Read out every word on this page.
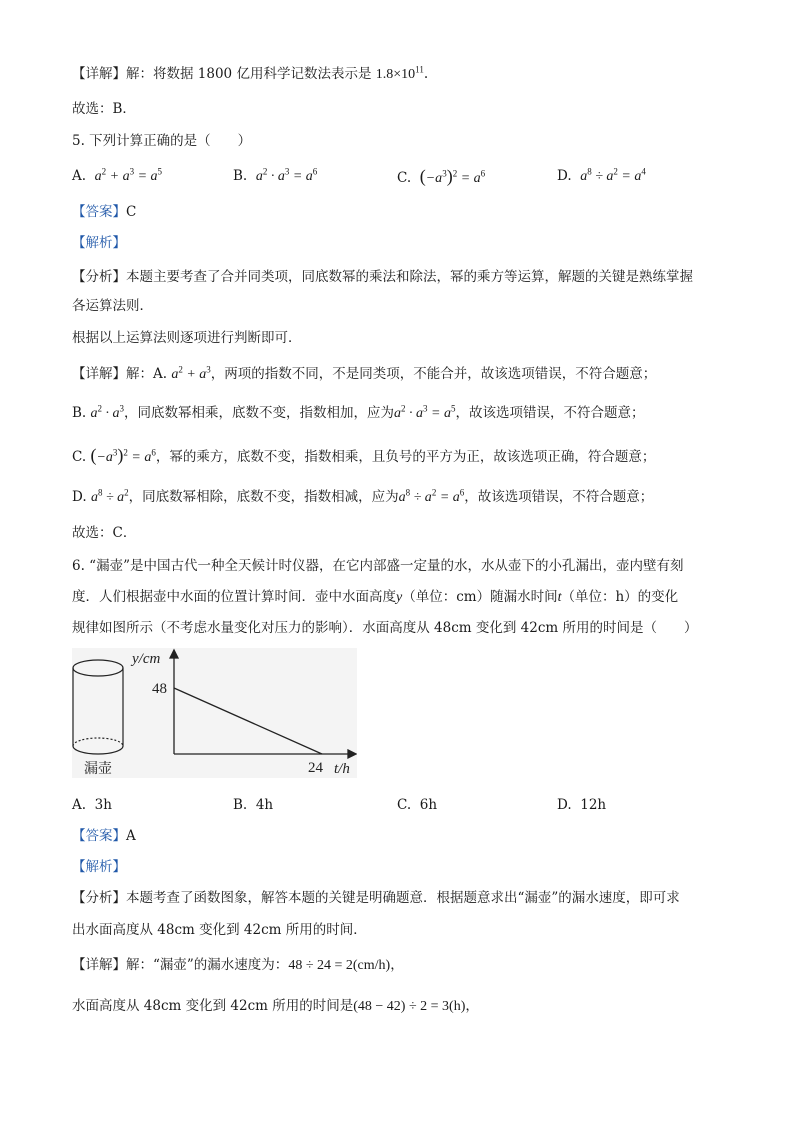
【详解】解：将数据 1800 亿用科学记数法表示是 $1.8\times 10^{11}$.
故选：B．
5. 下列计算正确的是（　　）
A. $a^2 + a^3 = a^5$	B. $a^2 \cdot a^3 = a^6$	C. $(-a^3)^2 = a^6$	D. $a^8 \div a^2 = a^4$
【答案】C
【解析】
【分析】本题主要考查了合并同类项，同底数幂的乘法和除法，幂的乘方等运算，解题的关键是熟练掌握
各运算法则．
根据以上运算法则逐项进行判断即可．
【详解】解：A. $a^2 + a^3$，两项的指数不同，不是同类项，不能合并，故该选项错误，不符合题意；
B. $a^2 \cdot a^3$，同底数幂相乘，底数不变，指数相加，应为$a^2 \cdot a^3 = a^5$，故该选项错误，不符合题意；
C. $(-a^3)^2 = a^6$，幂的乘方，底数不变，指数相乘，且负号的平方为正，故该选项正确，符合题意；
D. $a^8 \div a^2$，同底数幂相除，底数不变，指数相减，应为$a^8 \div a^2 = a^6$，故该选项错误，不符合题意；
故选：C．
6. “漏壶”是中国古代一种全天候计时仪器，在它内部盛一定量的水，水从壶下的小孔漏出，壶内壁有刻
度．人们根据壶中水面的位置计算时间．壶中水面高度y（单位：cm）随漏水时间t（单位：h）的变化
规律如图所示（不考虑水量变化对压力的影响）．水面高度从 48cm 变化到 42cm 所用的时间是（　　）
漏壶
y/cm
48
24 t/h
A. 3h	B. 4h	C. 6h	D. 12h
【答案】A
【解析】
【分析】本题考查了函数图象，解答本题的关键是明确题意．根据题意求出“漏壶”的漏水速度，即可求
出水面高度从 48cm 变化到 42cm 所用的时间．
【详解】解：“漏壶”的漏水速度为：48 ÷ 24 = 2(cm/h)，
水面高度从 48cm 变化到 42cm 所用的时间是(48 − 42) ÷ 2 = 3(h)，
